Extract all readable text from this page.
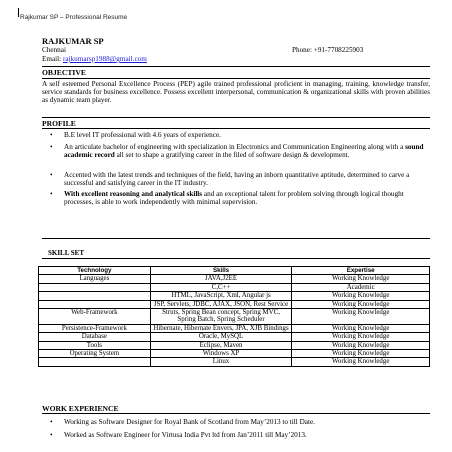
Rajkumar SP – Professional Resume
RAJKUMAR SP
Chennai	Phone: +91-7708225903
Email: rajkumarsp1988@gmail.com
OBJECTIVE
A self esteemed Personal Excellence Process (PEP) agile trained professional proficient in managing, training, knowledge transfer, service standards for business excellence. Possess excellent interpersonal, communication & organizational skills with proven abilities as dynamic team player.
PROFILE
• B.E level IT professional with 4.6 years of experience.
• An articulate bachelor of engineering with specialization in Electronics and Communication Engineering along with a sound academic record all set to shape a gratifying career in the filed of software design & development.
• Accented with the latest trends and techniques of the field, having an inborn quantitative aptitude, determined to carve a successful and satisfying career in the IT industry.
• With excellent reasoning and analytical skills and an exceptional talent for problem solving through logical thought processes, is able to work independently with minimal supervision.
SKILL SET
Technology	Skills	Expertise
Languages	JAVA,J2EE	Working Knowledge
	C,C++	Academic
	HTML, JavaScript, Xml, Angular js	Working Knowledge
	JSP, Servlets, JDBC, AJAX, JSON, Rest Service	Working Knowledge
Web-Framework	Struts, Spring Bean concept, Spring MVC, Spring Batch, Spring Scheduler	Working Knowledge
Persistence-Framework	Hibernate, Hibernate Envers, JPA, XJB Bindings	Working Knowledge
Database	Oracle, MySQL	Working Knowledge
Tools	Eclipse, Maven	Working Knowledge
Operating System	Windows XP	Working Knowledge
	Linux	Working Knowledge
WORK EXPERIENCE
• Working as Software Designer for Royal Bank of Scotland from May’2013 to till Date.
• Worked as Software Engineer for Virtusa India Pvt ltd from Jan’2011 till May’2013.
